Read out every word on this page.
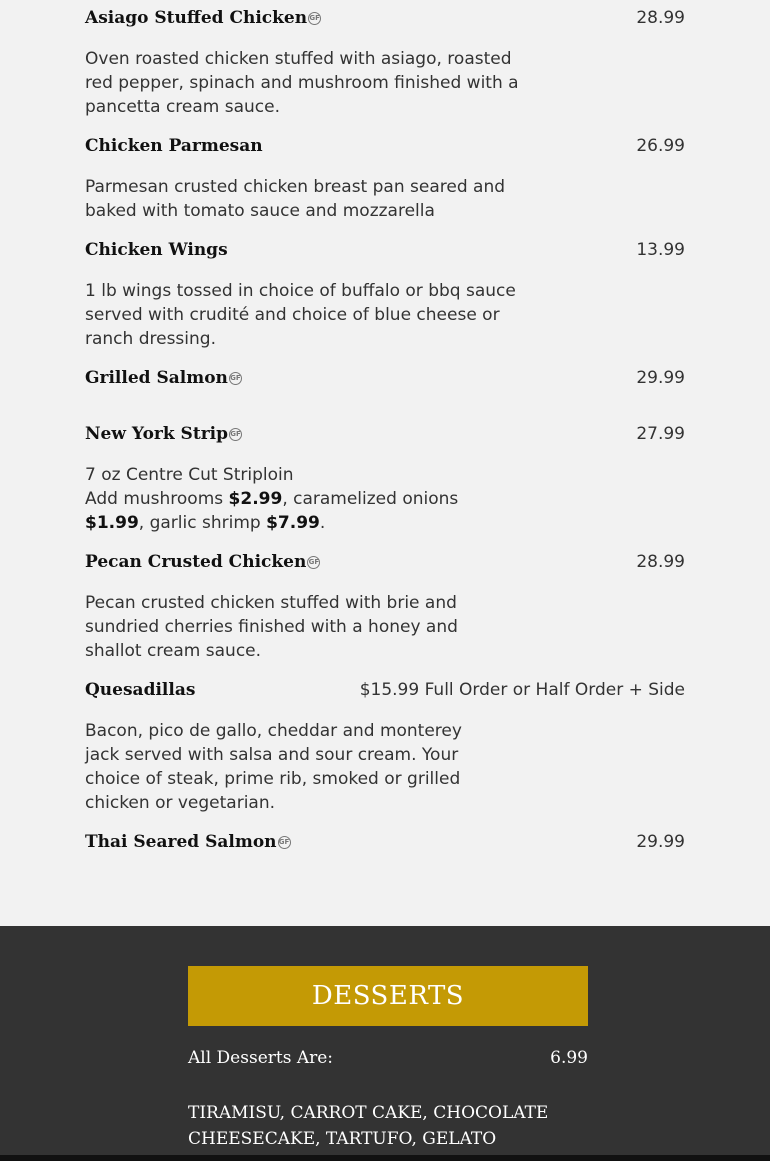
Asiago Stuffed Chicken GF	28.99
Oven roasted chicken stuffed with asiago, roasted red pepper, spinach and mushroom finished with a pancetta cream sauce.
Chicken Parmesan	26.99
Parmesan crusted chicken breast pan seared and baked with tomato sauce and mozzarella
Chicken Wings	13.99
1 lb wings tossed in choice of buffalo or bbq sauce served with crudité and choice of blue cheese or ranch dressing.
Grilled Salmon GF	29.99
New York Strip GF	27.99
7 oz Centre Cut Striploin
Add mushrooms $2.99, caramelized onions
$1.99, garlic shrimp $7.99.
Pecan Crusted Chicken GF	28.99
Pecan crusted chicken stuffed with brie and sundried cherries finished with a honey and shallot cream sauce.
Quesadillas	$15.99 Full Order or Half Order + Side
Bacon, pico de gallo, cheddar and monterey jack served with salsa and sour cream. Your choice of steak, prime rib, smoked or grilled chicken or vegetarian.
Thai Seared Salmon GF	29.99
DESSERTS
All Desserts Are:	6.99
TIRAMISU, CARROT CAKE, CHOCOLATE CHEESECAKE, TARTUFO, GELATO
